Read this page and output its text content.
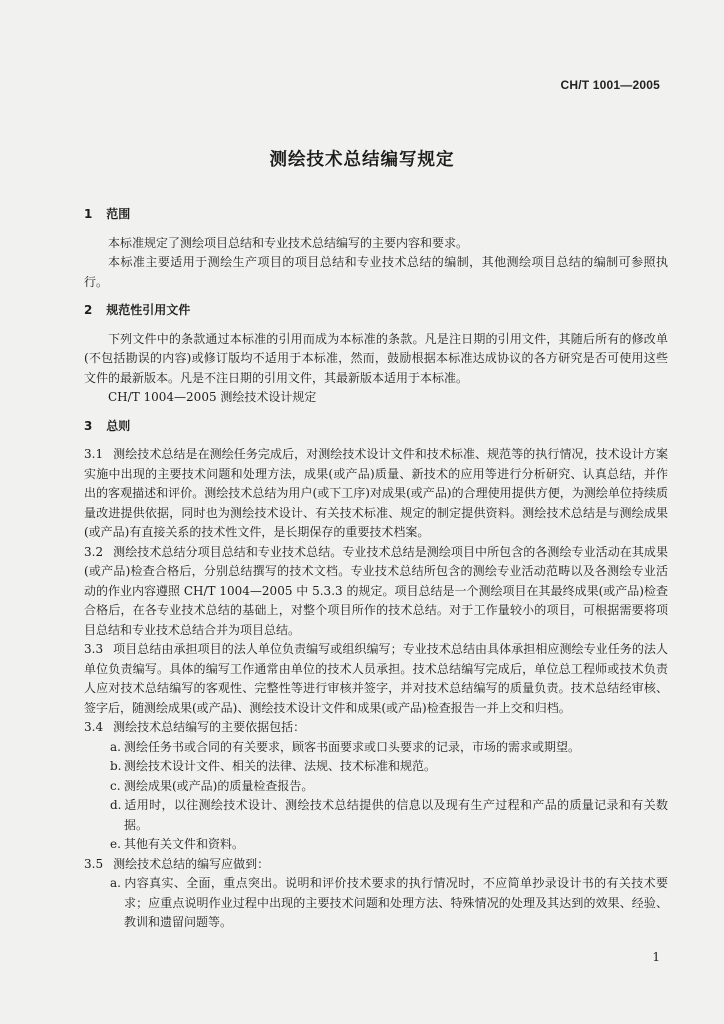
CH/T 1001—2005
测绘技术总结编写规定
1 范围

本标准规定了测绘项目总结和专业技术总结编写的主要内容和要求。

本标准主要适用于测绘生产项目的项目总结和专业技术总结的编制，其他测绘项目总结的编制可参照执行。

2 规范性引用文件

下列文件中的条款通过本标准的引用而成为本标准的条款。凡是注日期的引用文件，其随后所有的修改单(不包括勘误的内容)或修订版均不适用于本标准，然而，鼓励根据本标准达成协议的各方研究是否可使用这些文件的最新版本。凡是不注日期的引用文件，其最新版本适用于本标准。

CH/T 1004—2005 测绘技术设计规定

3 总则

3.1 测绘技术总结是在测绘任务完成后，对测绘技术设计文件和技术标准、规范等的执行情况，技术设计方案实施中出现的主要技术问题和处理方法，成果(或产品)质量、新技术的应用等进行分析研究、认真总结，并作出的客观描述和评价。测绘技术总结为用户(或下工序)对成果(或产品)的合理使用提供方便，为测绘单位持续质量改进提供依据，同时也为测绘技术设计、有关技术标准、规定的制定提供资料。测绘技术总结是与测绘成果(或产品)有直接关系的技术性文件，是长期保存的重要技术档案。

3.2 测绘技术总结分项目总结和专业技术总结。专业技术总结是测绘项目中所包含的各测绘专业活动在其成果(或产品)检查合格后，分别总结撰写的技术文档。专业技术总结所包含的测绘专业活动范畴以及各测绘专业活动的作业内容遵照 CH/T 1004—2005 中 5.3.3 的规定。项目总结是一个测绘项目在其最终成果(或产品)检查合格后，在各专业技术总结的基础上，对整个项目所作的技术总结。对于工作量较小的项目，可根据需要将项目总结和专业技术总结合并为项目总结。

3.3 项目总结由承担项目的法人单位负责编写或组织编写；专业技术总结由具体承担相应测绘专业任务的法人单位负责编写。具体的编写工作通常由单位的技术人员承担。技术总结编写完成后，单位总工程师或技术负责人应对技术总结编写的客观性、完整性等进行审核并签字，并对技术总结编写的质量负责。技术总结经审核、签字后，随测绘成果(或产品)、测绘技术设计文件和成果(或产品)检查报告一并上交和归档。

3.4 测绘技术总结编写的主要依据包括：

a. 测绘任务书或合同的有关要求，顾客书面要求或口头要求的记录，市场的需求或期望。

b. 测绘技术设计文件、相关的法律、法规、技术标准和规范。

c. 测绘成果(或产品)的质量检查报告。

d. 适用时，以往测绘技术设计、测绘技术总结提供的信息以及现有生产过程和产品的质量记录和有关数据。

e. 其他有关文件和资料。

3.5 测绘技术总结的编写应做到：

a. 内容真实、全面，重点突出。说明和评价技术要求的执行情况时，不应简单抄录设计书的有关技术要求；应重点说明作业过程中出现的主要技术问题和处理方法、特殊情况的处理及其达到的效果、经验、教训和遗留问题等。

1
